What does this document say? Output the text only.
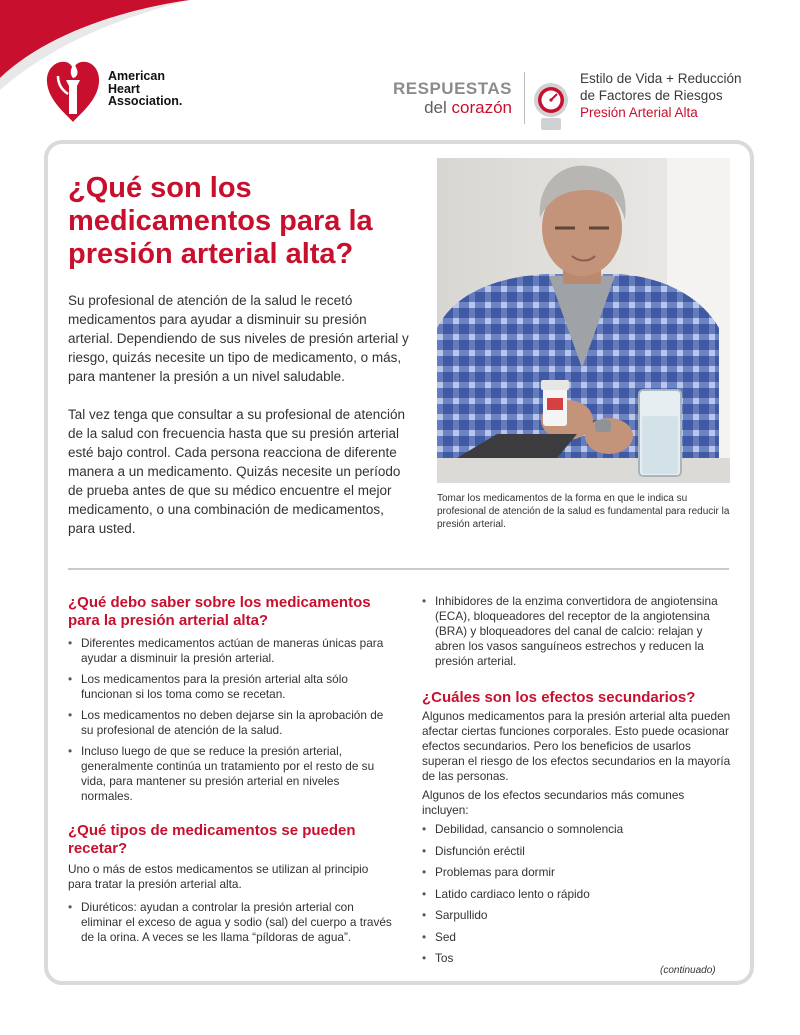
American
Heart
Association.
RESPUESTAS
del corazón
Estilo de Vida + Reducción
de Factores de Riesgos
Presión Arterial Alta
¿Qué son los medicamentos para la presión arterial alta?

Su profesional de atención de la salud le recetó medicamentos para ayudar a disminuir su presión arterial. Dependiendo de sus niveles de presión arterial y riesgo, quizás necesite un tipo de medicamento, o más, para mantener la presión a un nivel saludable.

Tal vez tenga que consultar a su profesional de atención de la salud con frecuencia hasta que su presión arterial esté bajo control. Cada persona reacciona de diferente manera a un medicamento. Quizás necesite un período de prueba antes de que su médico encuentre el mejor medicamento, o una combinación de medicamentos, para usted.

Tomar los medicamentos de la forma en que le indica su profesional de atención de la salud es fundamental para reducir la presión arterial.

¿Qué debo saber sobre los medicamentos para la presión arterial alta?
• Diferentes medicamentos actúan de maneras únicas para ayudar a disminuir la presión arterial.
• Los medicamentos para la presión arterial alta sólo funcionan si los toma como se recetan.
• Los medicamentos no deben dejarse sin la aprobación de su profesional de atención de la salud.
• Incluso luego de que se reduce la presión arterial, generalmente continúa un tratamiento por el resto de su vida, para mantener su presión arterial en niveles normales.
¿Qué tipos de medicamentos se pueden recetar?

Uno o más de estos medicamentos se utilizan al principio para tratar la presión arterial alta.

• Diuréticos: ayudan a controlar la presión arterial con eliminar el exceso de agua y sodio (sal) del cuerpo a través de la orina. A veces se les llama “píldoras de agua”.
• Inhibidores de la enzima convertidora de angiotensina (ECA), bloqueadores del receptor de la angiotensina (BRA) y bloqueadores del canal de calcio: relajan y abren los vasos sanguíneos estrechos y reducen la presión arterial.
¿Cuáles son los efectos secundarios?

Algunos medicamentos para la presión arterial alta pueden afectar ciertas funciones corporales. Esto puede ocasionar efectos secundarios. Pero los beneficios de usarlos superan el riesgo de los efectos secundarios en la mayoría de las personas.

Algunos de los efectos secundarios más comunes incluyen:

• Debilidad, cansancio o somnolencia
• Disfunción eréctil
• Problemas para dormir
• Latido cardiaco lento o rápido
• Sarpullido
• Sed
• Tos
(continuado)
